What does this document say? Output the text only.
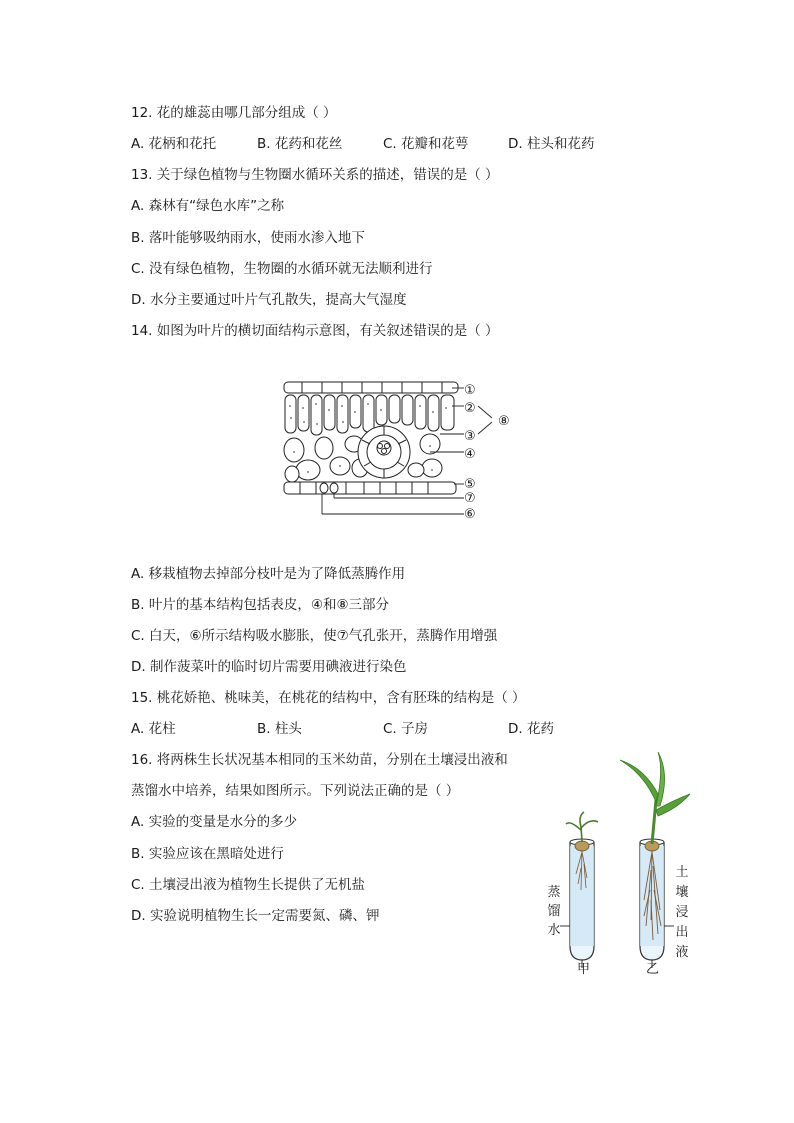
12. 花的雄蕊由哪几部分组成（ ）
A. 花柄和花托	B. 花药和花丝	C. 花瓣和花萼	D. 柱头和花药
13. 关于绿色植物与生物圈水循环关系的描述，错误的是（ ）
A. 森林有“绿色水库”之称
B. 落叶能够吸纳雨水，使雨水渗入地下
C. 没有绿色植物，生物圈的水循环就无法顺利进行
D. 水分主要通过叶片气孔散失，提高大气湿度
14. 如图为叶片的横切面结构示意图，有关叙述错误的是（ ）
①
②
③
④
⑤
⑦
⑥
⑧
A. 移栽植物去掉部分枝叶是为了降低蒸腾作用
B. 叶片的基本结构包括表皮，④和⑧三部分
C. 白天，⑥所示结构吸水膨胀，使⑦气孔张开，蒸腾作用增强
D. 制作菠菜叶的临时切片需要用碘液进行染色
15. 桃花娇艳、桃味美，在桃花的结构中，含有胚珠的结构是（ ）
A. 花柱	B. 柱头	C. 子房	D. 花药
16. 将两株生长状况基本相同的玉米幼苗，分别在土壤浸出液和
蒸馏水中培养，结果如图所示。下列说法正确的是（ ）
A. 实验的变量是水分的多少
B. 实验应该在黑暗处进行
C. 土壤浸出液为植物生长提供了无机盐
D. 实验说明植物生长一定需要氮、磷、钾
蒸
馏
水
土
壤
浸
出
液
甲	乙
